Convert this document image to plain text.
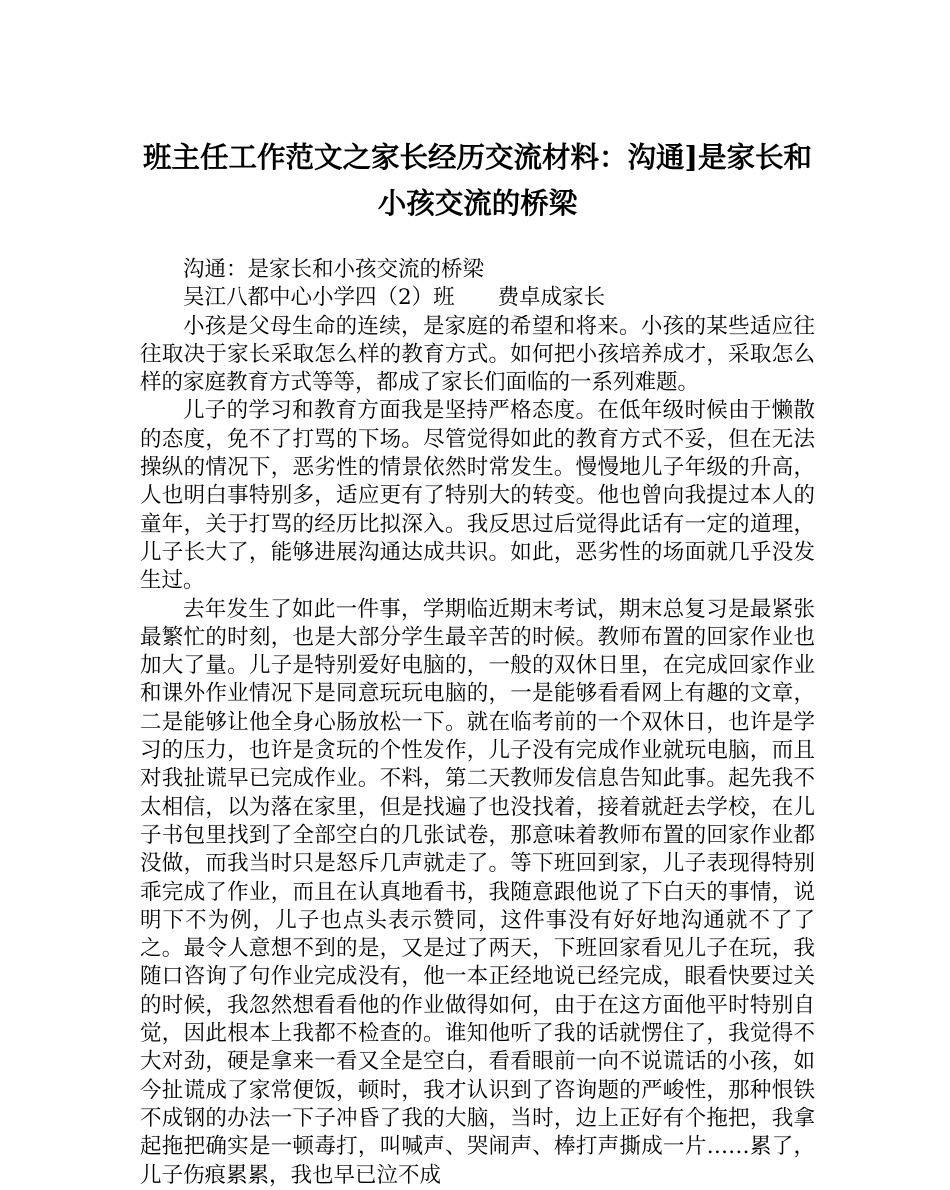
班主任工作范文之家长经历交流材料：沟通]是家长和
小孩交流的桥梁

沟通：是家长和小孩交流的桥梁

吴江八都中心小学四（2）班　　费卓成家长

小孩是父母生命的连续，是家庭的希望和将来。小孩的某些适应往往取决于家长采取怎么样的教育方式。如何把小孩培养成才，采取怎么样的家庭教育方式等等，都成了家长们面临的一系列难题。

儿子的学习和教育方面我是坚持严格态度。在低年级时候由于懒散的态度，免不了打骂的下场。尽管觉得如此的教育方式不妥，但在无法操纵的情况下，恶劣性的情景依然时常发生。慢慢地儿子年级的升高，人也明白事特别多，适应更有了特别大的转变。他也曾向我提过本人的童年，关于打骂的经历比拟深入。我反思过后觉得此话有一定的道理，儿子长大了，能够进展沟通达成共识。如此，恶劣性的场面就几乎没发生过。

去年发生了如此一件事，学期临近期末考试，期末总复习是最紧张最繁忙的时刻，也是大部分学生最辛苦的时候。教师布置的回家作业也加大了量。儿子是特别爱好电脑的，一般的双休日里，在完成回家作业和课外作业情况下是同意玩玩电脑的，一是能够看看网上有趣的文章，二是能够让他全身心肠放松一下。就在临考前的一个双休日，也许是学习的压力，也许是贪玩的个性发作，儿子没有完成作业就玩电脑，而且对我扯谎早已完成作业。不料，第二天教师发信息告知此事。起先我不太相信，以为落在家里，但是找遍了也没找着，接着就赶去学校，在儿子书包里找到了全部空白的几张试卷，那意味着教师布置的回家作业都没做，而我当时只是怒斥几声就走了。等下班回到家，儿子表现得特别乖完成了作业，而且在认真地看书，我随意跟他说了下白天的事情，说明下不为例，儿子也点头表示赞同，这件事没有好好地沟通就不了了之。最令人意想不到的是，又是过了两天，下班回家看见儿子在玩，我随口咨询了句作业完成没有，他一本正经地说已经完成，眼看快要过关的时候，我忽然想看看他的作业做得如何，由于在这方面他平时特别自觉，因此根本上我都不检查的。谁知他听了我的话就愣住了，我觉得不大对劲，硬是拿来一看又全是空白，看看眼前一向不说谎话的小孩，如今扯谎成了家常便饭，顿时，我才认识到了咨询题的严峻性，那种恨铁不成钢的办法一下子冲昏了我的大脑，当时，边上正好有个拖把，我拿起拖把确实是一顿毒打，叫喊声、哭闹声、棒打声撕成一片……累了，儿子伤痕累累，我也早已泣不成
